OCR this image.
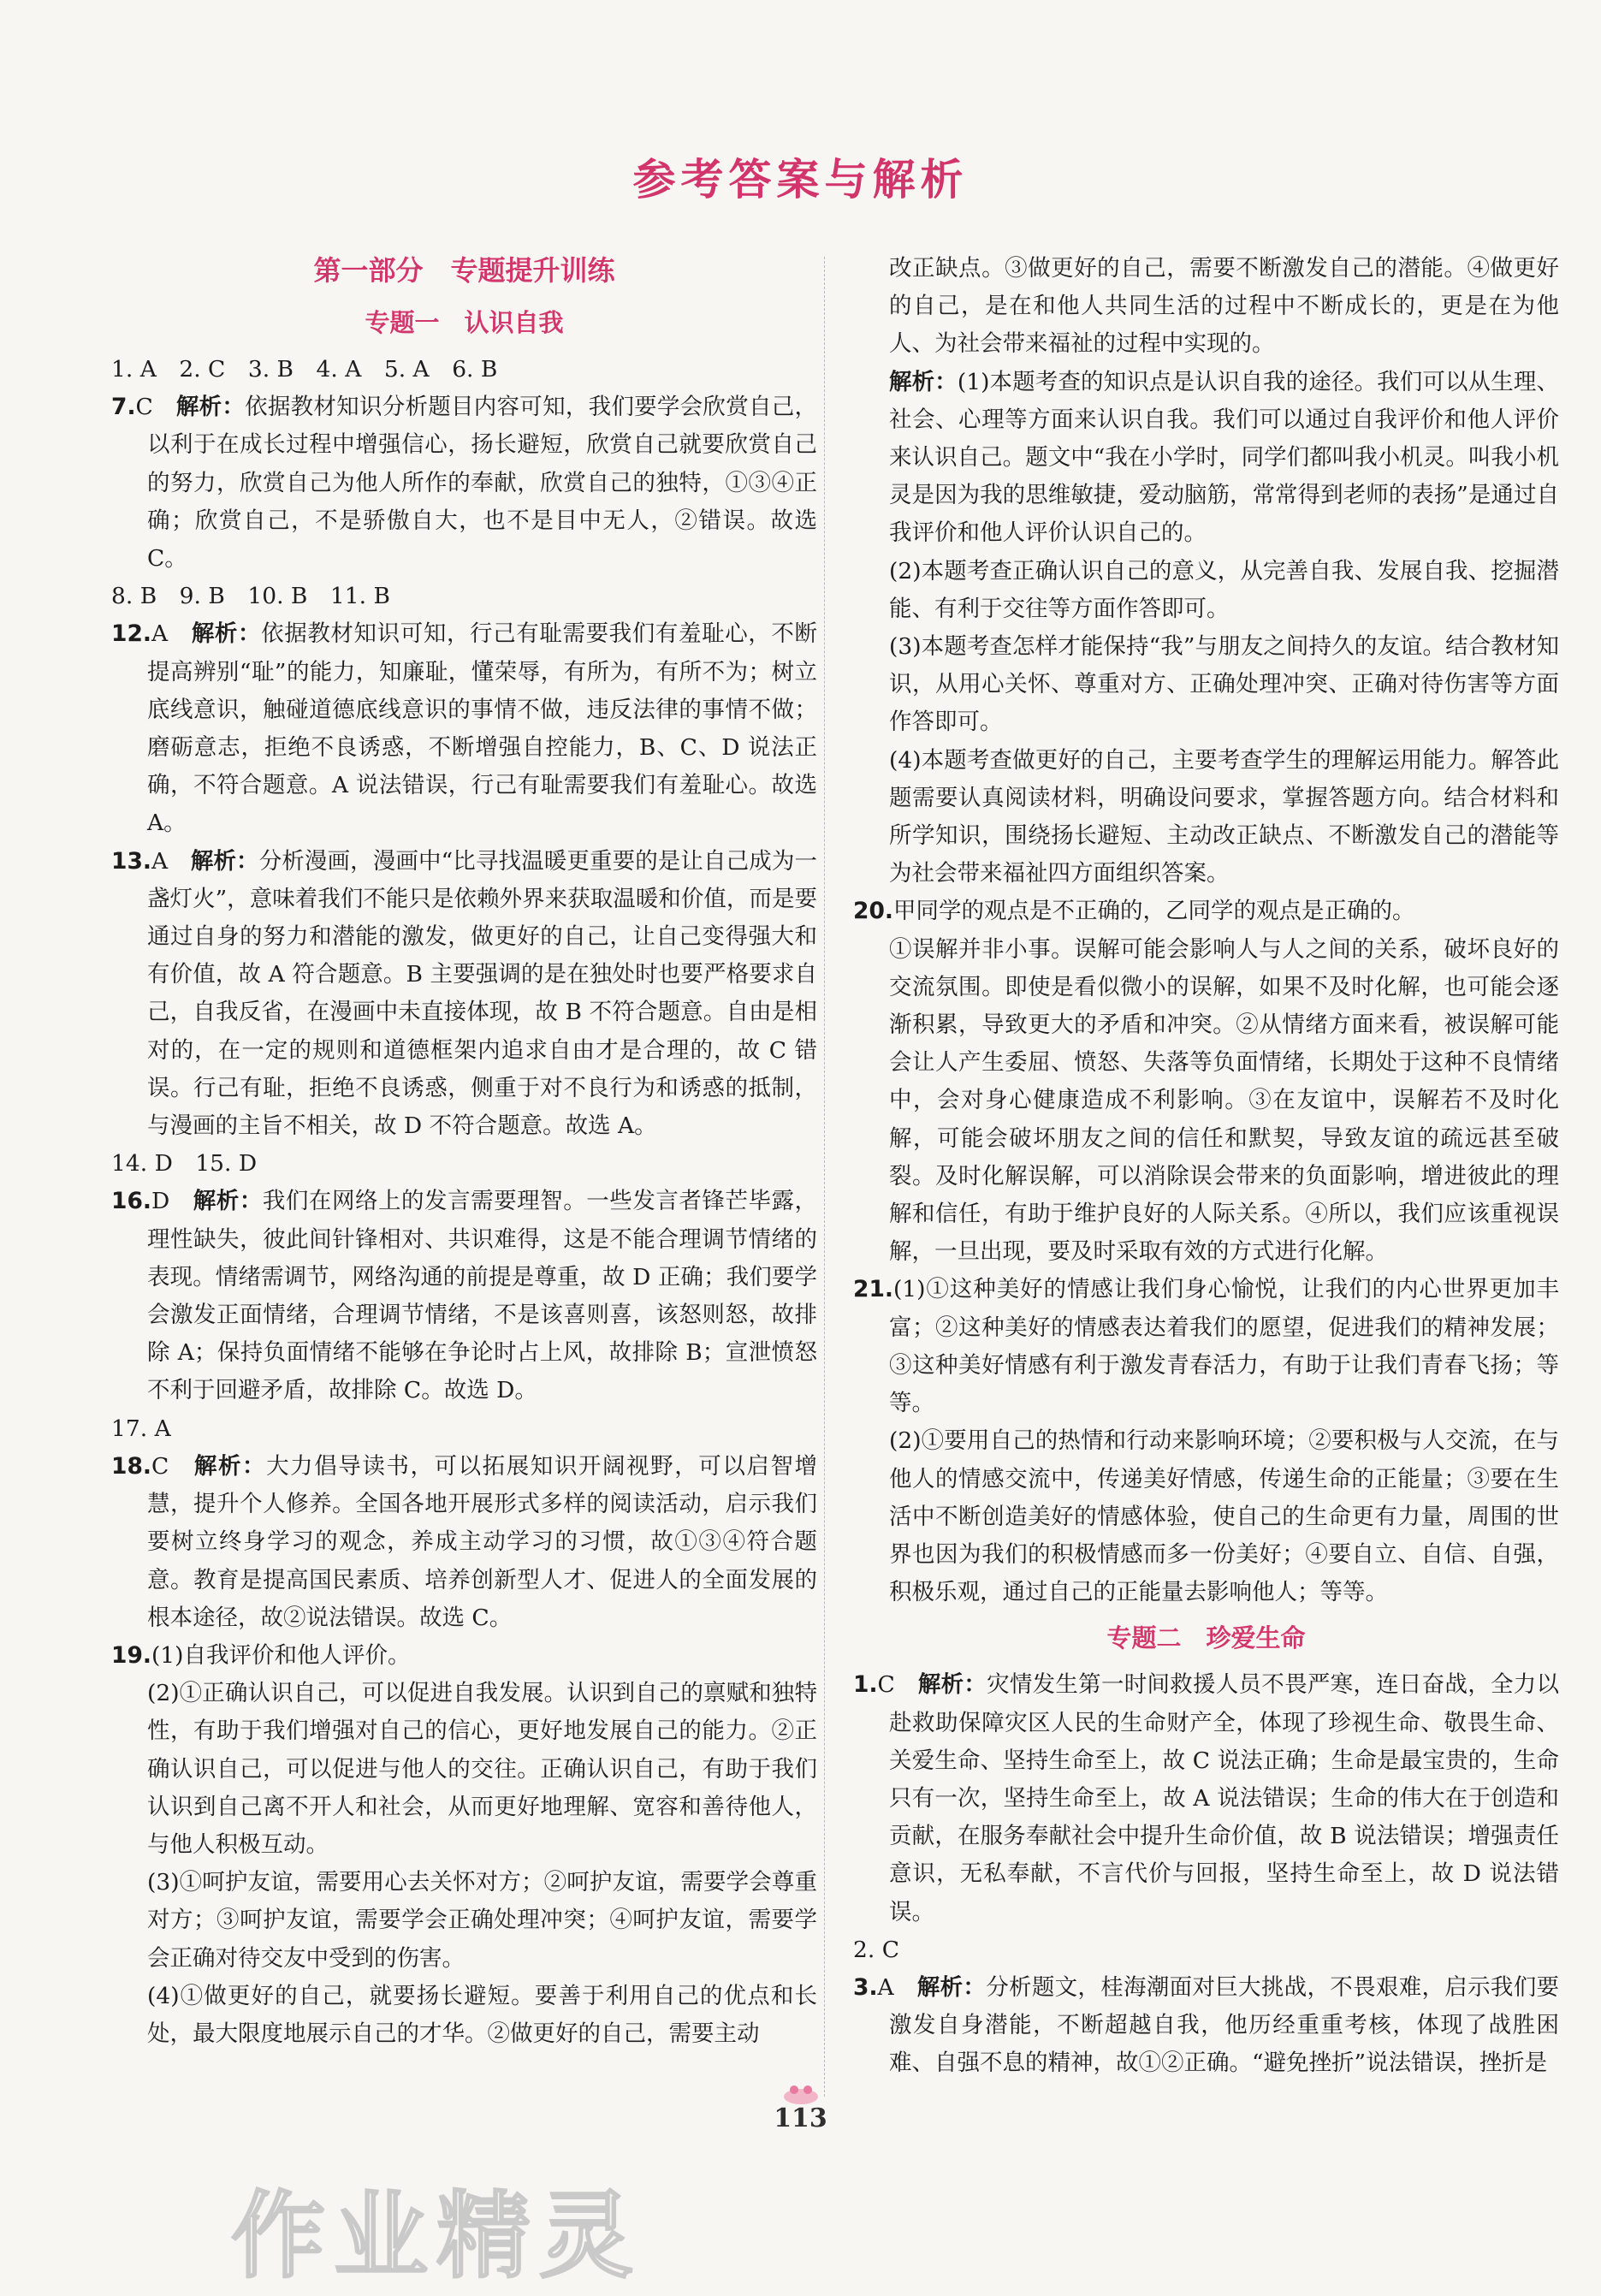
参考答案与解析
第一部分　专题提升训练
专题一　认识自我
1. A　2. C　3. B　4. A　5. A　6. B
7.C　 解析：依据教材知识分析题目内容可知，我们要学会欣赏自己，以利于在成长过程中增强信心，扬长避短，欣赏自己就要欣赏自己的努力，欣赏自己为他人所作的奉献，欣赏自己的独特，①③④正确；欣赏自己，不是骄傲自大，也不是目中无人，②错误。故选 C。
8. B　9. B　10. B　11. B
12.A　 解析：依据教材知识可知，行己有耻需要我们有羞耻心，不断提高辨别“耻”的能力，知廉耻，懂荣辱，有所为，有所不为；树立底线意识，触碰道德底线意识的事情不做，违反法律的事情不做；磨砺意志，拒绝不良诱惑，不断增强自控能力，B、C、D 说法正确，不符合题意。A 说法错误，行己有耻需要我们有羞耻心。故选 A。
13.A　 解析：分析漫画，漫画中“比寻找温暖更重要的是让自己成为一盏灯火”，意味着我们不能只是依赖外界来获取温暖和价值，而是要通过自身的努力和潜能的激发，做更好的自己，让自己变得强大和有价值，故 A 符合题意。B 主要强调的是在独处时也要严格要求自己，自我反省，在漫画中未直接体现，故 B 不符合题意。自由是相对的，在一定的规则和道德框架内追求自由才是合理的，故 C 错误。行己有耻，拒绝不良诱惑，侧重于对不良行为和诱惑的抵制，与漫画的主旨不相关，故 D 不符合题意。故选 A。
14. D　15. D
16.D　 解析：我们在网络上的发言需要理智。一些发言者锋芒毕露，理性缺失，彼此间针锋相对、共识难得，这是不能合理调节情绪的表现。情绪需调节，网络沟通的前提是尊重，故 D 正确；我们要学会激发正面情绪，合理调节情绪，不是该喜则喜，该怒则怒，故排除 A；保持负面情绪不能够在争论时占上风，故排除 B；宣泄愤怒不利于回避矛盾，故排除 C。故选 D。
17. A
18.C　 解析：大力倡导读书，可以拓展知识开阔视野，可以启智增慧，提升个人修养。全国各地开展形式多样的阅读活动，启示我们要树立终身学习的观念，养成主动学习的习惯，故①③④符合题意。教育是提高国民素质、培养创新型人才、促进人的全面发展的根本途径，故②说法错误。故选 C。
19.(1)自我评价和他人评价。
(2)①正确认识自己，可以促进自我发展。认识到自己的禀赋和独特性，有助于我们增强对自己的信心，更好地发展自己的能力。②正确认识自己，可以促进与他人的交往。正确认识自己，有助于我们认识到自己离不开人和社会，从而更好地理解、宽容和善待他人，与他人积极互动。
(3)①呵护友谊，需要用心去关怀对方；②呵护友谊，需要学会尊重对方；③呵护友谊，需要学会正确处理冲突；④呵护友谊，需要学会正确对待交友中受到的伤害。
(4)①做更好的自己，就要扬长避短。要善于利用自己的优点和长处，最大限度地展示自己的才华。②做更好的自己，需要主动
改正缺点。③做更好的自己，需要不断激发自己的潜能。④做更好的自己，是在和他人共同生活的过程中不断成长的，更是在为他人、为社会带来福祉的过程中实现的。
解析：(1)本题考查的知识点是认识自我的途径。我们可以从生理、社会、心理等方面来认识自我。我们可以通过自我评价和他人评价来认识自己。题文中“我在小学时，同学们都叫我小机灵。叫我小机灵是因为我的思维敏捷，爱动脑筋，常常得到老师的表扬”是通过自我评价和他人评价认识自己的。
(2)本题考查正确认识自己的意义，从完善自我、发展自我、挖掘潜能、有利于交往等方面作答即可。
(3)本题考查怎样才能保持“我”与朋友之间持久的友谊。结合教材知识，从用心关怀、尊重对方、正确处理冲突、正确对待伤害等方面作答即可。
(4)本题考查做更好的自己，主要考查学生的理解运用能力。解答此题需要认真阅读材料，明确设问要求，掌握答题方向。结合材料和所学知识，围绕扬长避短、主动改正缺点、不断激发自己的潜能等为社会带来福祉四方面组织答案。
20.甲同学的观点是不正确的，乙同学的观点是正确的。
①误解并非小事。误解可能会影响人与人之间的关系，破坏良好的交流氛围。即使是看似微小的误解，如果不及时化解，也可能会逐渐积累，导致更大的矛盾和冲突。②从情绪方面来看，被误解可能会让人产生委屈、愤怒、失落等负面情绪，长期处于这种不良情绪中，会对身心健康造成不利影响。③在友谊中，误解若不及时化解，可能会破坏朋友之间的信任和默契，导致友谊的疏远甚至破裂。及时化解误解，可以消除误会带来的负面影响，增进彼此的理解和信任，有助于维护良好的人际关系。④所以，我们应该重视误解，一旦出现，要及时采取有效的方式进行化解。
21.(1)①这种美好的情感让我们身心愉悦，让我们的内心世界更加丰富；②这种美好的情感表达着我们的愿望，促进我们的精神发展；③这种美好情感有利于激发青春活力，有助于让我们青春飞扬；等等。
(2)①要用自己的热情和行动来影响环境；②要积极与人交流，在与他人的情感交流中，传递美好情感，传递生命的正能量；③要在生活中不断创造美好的情感体验，使自己的生命更有力量，周围的世界也因为我们的积极情感而多一份美好；④要自立、自信、自强，积极乐观，通过自己的正能量去影响他人；等等。
专题二　珍爱生命
1.C　 解析：灾情发生第一时间救援人员不畏严寒，连日奋战，全力以赴救助保障灾区人民的生命财产全，体现了珍视生命、敬畏生命、关爱生命、坚持生命至上，故 C 说法正确；生命是最宝贵的，生命只有一次，坚持生命至上，故 A 说法错误；生命的伟大在于创造和贡献，在服务奉献社会中提升生命价值，故 B 说法错误；增强责任意识，无私奉献，不言代价与回报，坚持生命至上，故 D 说法错误。
2. C
3.A　 解析：分析题文，桂海潮面对巨大挑战，不畏艰难，启示我们要激发自身潜能，不断超越自我，他历经重重考核，体现了战胜困难、自强不息的精神，故①②正确。“避免挫折”说法错误，挫折是
113
作业精灵
